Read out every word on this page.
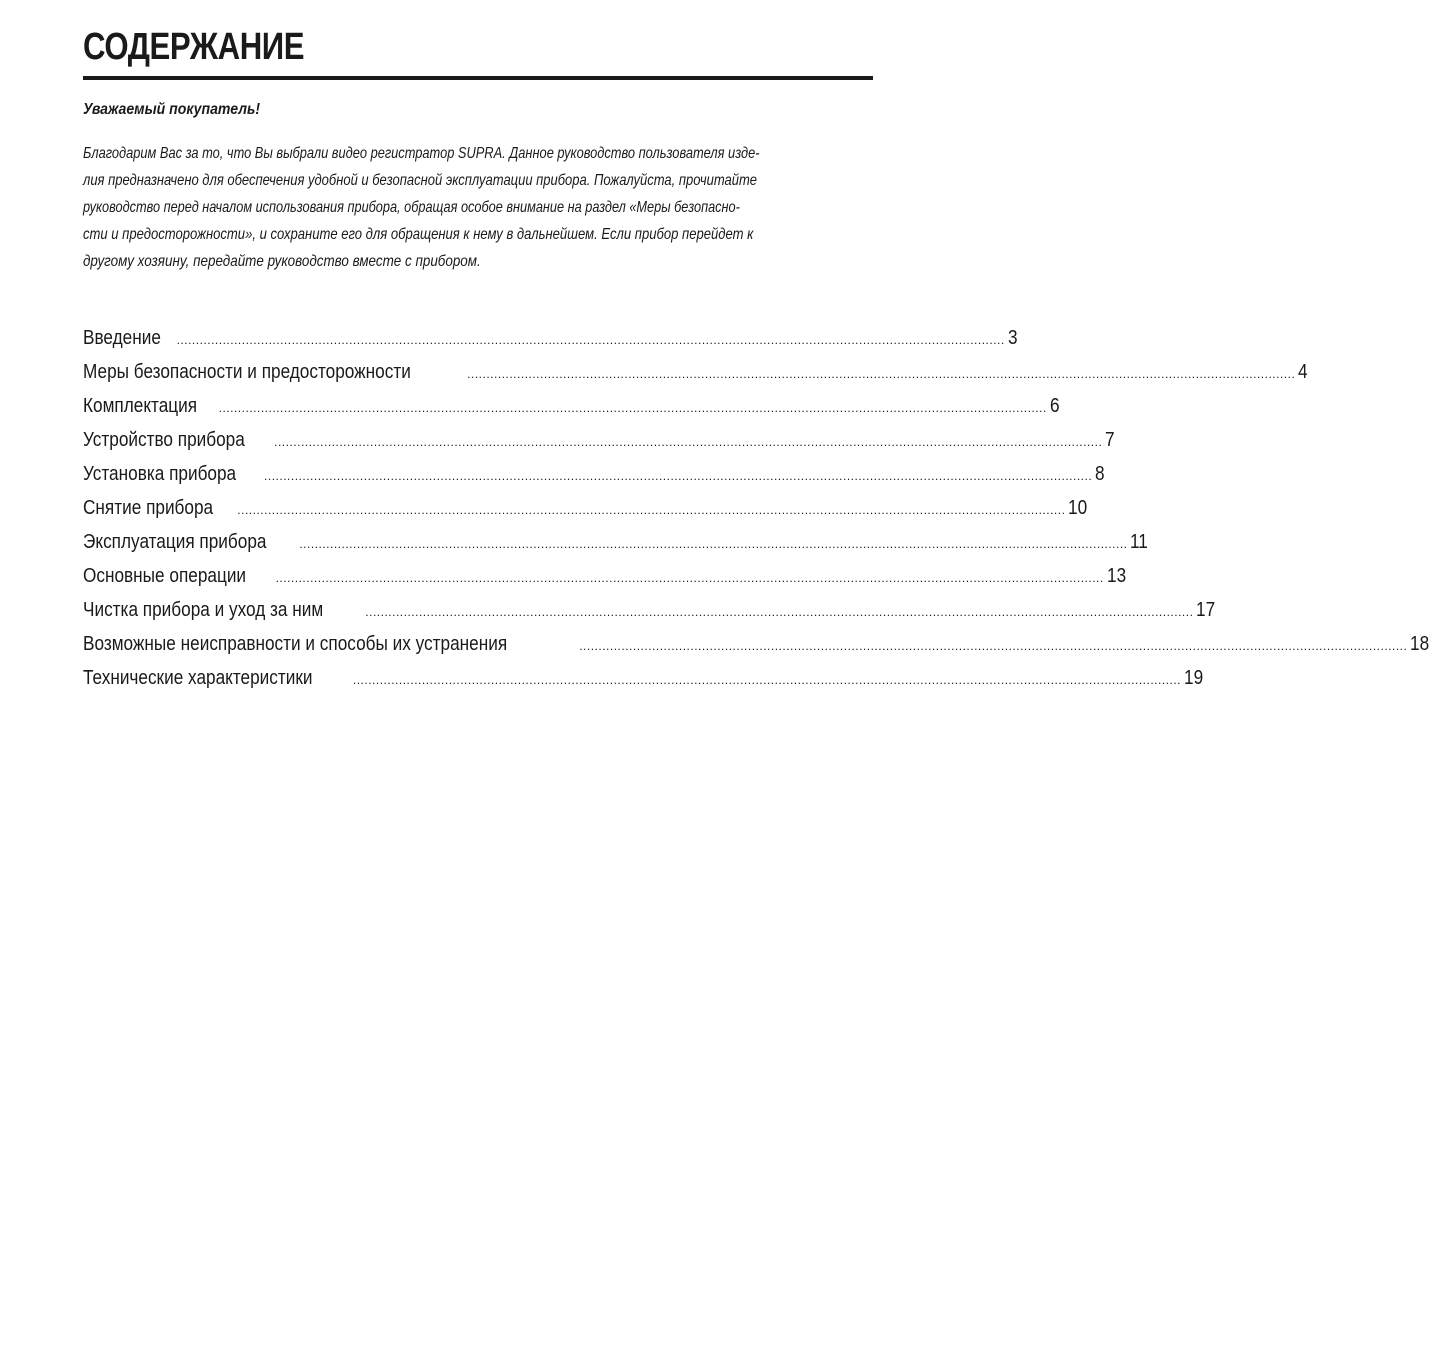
СОДЕРЖАНИЕ
Уважаемый покупатель!
Благодарим Вас за то, что Вы выбрали видео регистратор SUPRA. Данное руководство пользователя изде-
лия предназначено для обеспечения удобной и безопасной эксплуатации прибора. Пожалуйста, прочитайте
руководство перед началом использования прибора, обращая особое внимание на раздел «Меры безопасно-
сти и предосторожности», и сохраните его для обращения к нему в дальнейшем. Если прибор перейдет к
другому хозяину, передайте руководство вместе с прибором.
Введение ........................................................................................................................................................................................................................ 3
Меры безопасности и предосторожности	........................................................................................................................................................................................................................ 4
Комплектация ........................................................................................................................................................................................................................ 6
Устройство прибора ........................................................................................................................................................................................................................ 7
Установка прибора ........................................................................................................................................................................................................................ 8
Снятие прибора ........................................................................................................................................................................................................................ 10
Эксплуатация прибора	........................................................................................................................................................................................................................ 11
Основные операции ........................................................................................................................................................................................................................ 13
Чистка прибора и уход за ним	........................................................................................................................................................................................................................ 17
Возможные неисправности и способы их устранения	........................................................................................................................................................................................................................ 18
Технические характеристики	........................................................................................................................................................................................................................ 19
